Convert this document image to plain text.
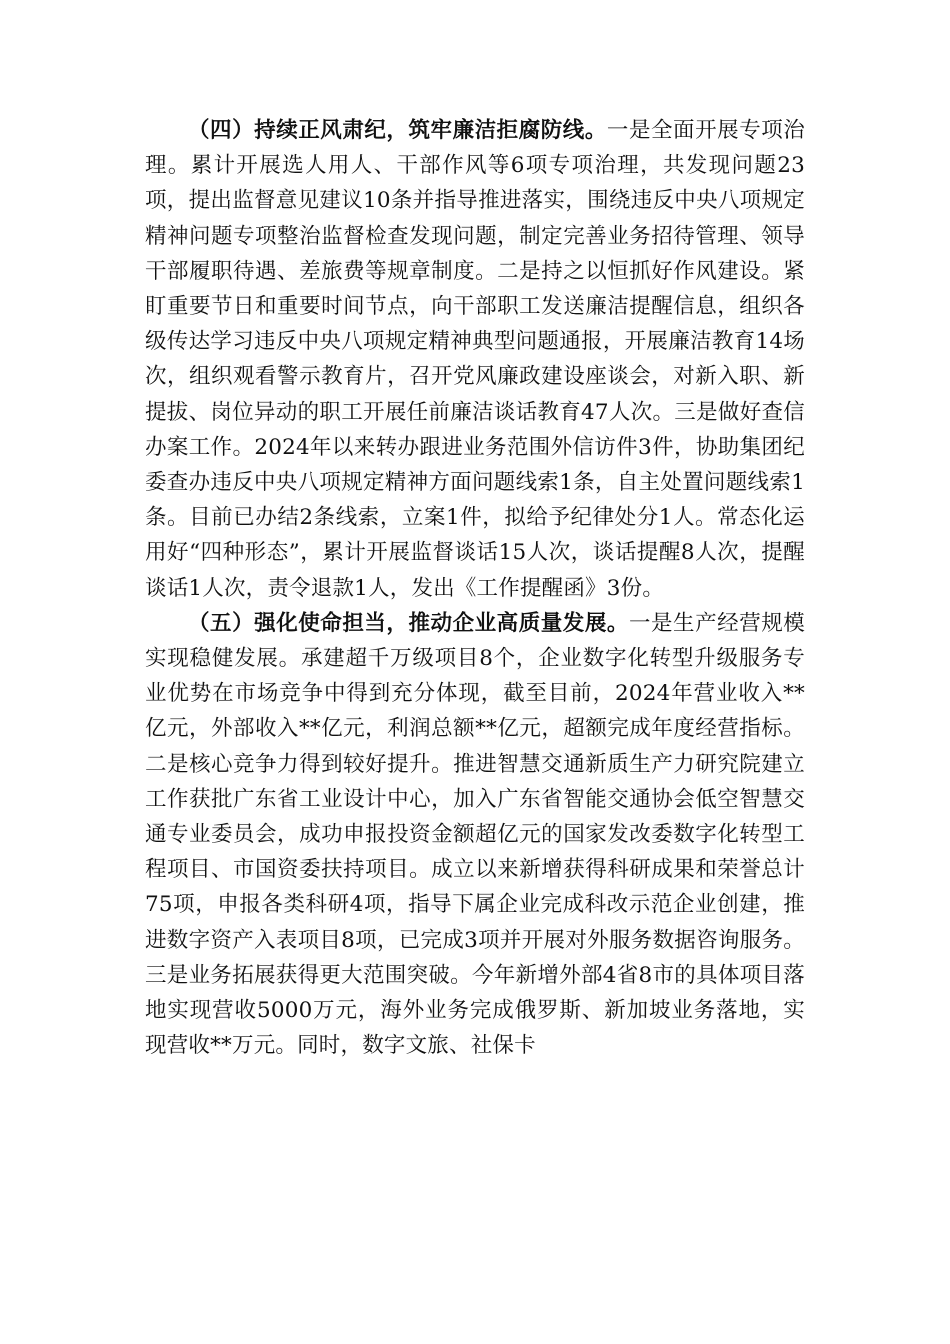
（四）持续正风肃纪，筑牢廉洁拒腐防线。一是全面开展专项治理。累计开展选人用人、干部作风等6项专项治理，共发现问题23项，提出监督意见建议10条并指导推进落实，围绕违反中央八项规定精神问题专项整治监督检查发现问题，制定完善业务招待管理、领导干部履职待遇、差旅费等规章制度。二是持之以恒抓好作风建设。紧盯重要节日和重要时间节点，向干部职工发送廉洁提醒信息，组织各级传达学习违反中央八项规定精神典型问题通报，开展廉洁教育14场次，组织观看警示教育片，召开党风廉政建设座谈会，对新入职、新提拔、岗位异动的职工开展任前廉洁谈话教育47人次。三是做好查信办案工作。2024年以来转办跟进业务范围外信访件3件，协助集团纪委查办违反中央八项规定精神方面问题线索1条，自主处置问题线索1条。目前已办结2条线索，立案1件，拟给予纪律处分1人。常态化运用好“四种形态”，累计开展监督谈话15人次，谈话提醒8人次，提醒谈话1人次，责令退款1人，发出《工作提醒函》3份。

（五）强化使命担当，推动企业高质量发展。一是生产经营规模实现稳健发展。承建超千万级项目8个，企业数字化转型升级服务专业优势在市场竞争中得到充分体现，截至目前，2024年营业收入**亿元，外部收入**亿元，利润总额**亿元，超额完成年度经营指标。二是核心竞争力得到较好提升。推进智慧交通新质生产力研究院建立工作获批广东省工业设计中心，加入广东省智能交通协会低空智慧交通专业委员会，成功申报投资金额超亿元的国家发改委数字化转型工程项目、市国资委扶持项目。成立以来新增获得科研成果和荣誉总计75项，申报各类科研4项，指导下属企业完成科改示范企业创建，推进数字资产入表项目8项，已完成3项并开展对外服务数据咨询服务。三是业务拓展获得更大范围突破。今年新增外部4省8市的具体项目落地实现营收5000万元，海外业务完成俄罗斯、新加坡业务落地，实现营收**万元。同时，数字文旅、社保卡
